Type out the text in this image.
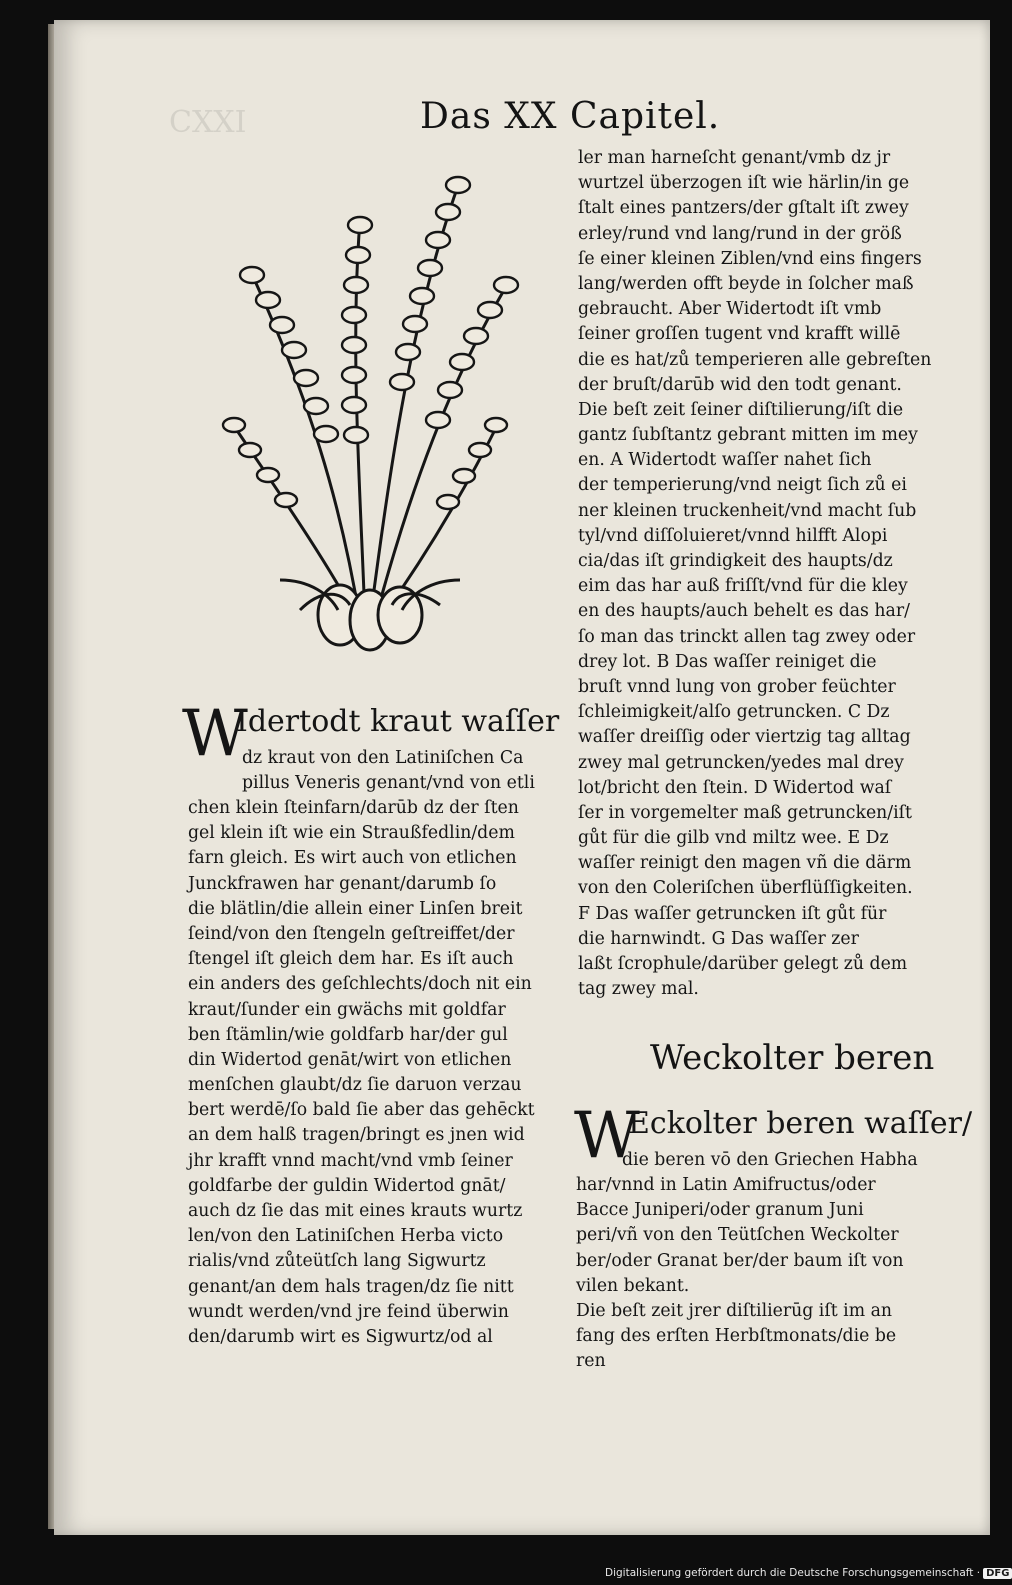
CXXI	Das XX Capitel.
ler man harneſcht genant/vmb dz jr
wurtzel überzogen iſt wie härlin/in ge
ſtalt eines pantzers/der gſtalt iſt zwey
erley/rund vnd lang/rund in der größ
ſe einer kleinen Ziblen/vnd eins fingers
lang/werden offt beyde in ſolcher maß
gebraucht. Aber Widertodt iſt vmb
ſeiner groſſen tugent vnd krafft willē
die es hat/zů temperieren alle gebreſten
der bruſt/darūb wid den todt genant.
Die beſt zeit ſeiner diſtilierung/iſt die
gantz ſubſtantz gebrant mitten im mey
en. A Widertodt waſſer nahet ſich
der temperierung/vnd neigt ſich zů ei
ner kleinen truckenheit/vnd macht ſub
tyl/vnd diſſoluieret/vnnd hilfft Alopi
cia/das iſt grindigkeit des haupts/dz
eim das har auß friſſt/vnd für die kley
en des haupts/auch behelt es das har/
ſo man das trinckt allen tag zwey oder
drey lot. B Das waſſer reiniget die
bruſt vnnd lung von grober feüchter
ſchleimigkeit/alſo getruncken. C Dz
waſſer dreiſſig oder viertzig tag alltag
zwey mal getruncken/yedes mal drey
lot/bricht den ſtein. D Widertod waſ
ſer in vorgemelter maß getruncken/iſt
gůt für die gilb vnd miltz wee. E Dz
waſſer reinigt den magen vñ die därm
von den Coleriſchen überflüſſigkeiten.
F Das waſſer getruncken iſt gůt für
die harnwindt. G Das waſſer zer
laßt ſcrophule/darüber gelegt zů dem
tag zwey mal.
W
Idertodt kraut waſſer
dz kraut von den Latiniſchen Ca
pillus Veneris genant/vnd von etli
chen klein ſteinfarn/darūb dz der ſten
gel klein iſt wie ein Straußfedlin/dem
farn gleich. Es wirt auch von etlichen
Junckfrawen har genant/darumb ſo
die blätlin/die allein einer Linſen breit
ſeind/von den ſtengeln geſtreiffet/der
ſtengel iſt gleich dem har. Es iſt auch
ein anders des geſchlechts/doch nit ein
kraut/ſunder ein gwächs mit goldfar
ben ſtämlin/wie goldfarb har/der gul
din Widertod genāt/wirt von etlichen
menſchen glaubt/dz ſie daruon verzau
bert werdē/ſo bald ſie aber das gehēckt
an dem halß tragen/bringt es jnen wid
jhr krafft vnnd macht/vnd vmb ſeiner
goldfarbe der guldin Widertod gnāt/
auch dz ſie das mit eines krauts wurtz
len/von den Latiniſchen Herba victo
rialis/vnd zůteütſch lang Sigwurtz
genant/an dem hals tragen/dz ſie nitt
wundt werden/vnd jre feind überwin
den/darumb wirt es Sigwurtz/od al
Weckolter beren
W
Eckolter beren waſſer/
die beren vō den Griechen Habha
har/vnnd in Latin Amifructus/oder
Bacce Juniperi/oder granum Juni
peri/vñ von den Teütſchen Weckolter
ber/oder Granat ber/der baum iſt von
vilen bekant.
Die beſt zeit jrer diſtilierūg iſt im an
fang des erſten Herbſtmonats/die be
ren
Digitalisierung gefördert durch die Deutsche Forschungsgemeinschaft · DFG
